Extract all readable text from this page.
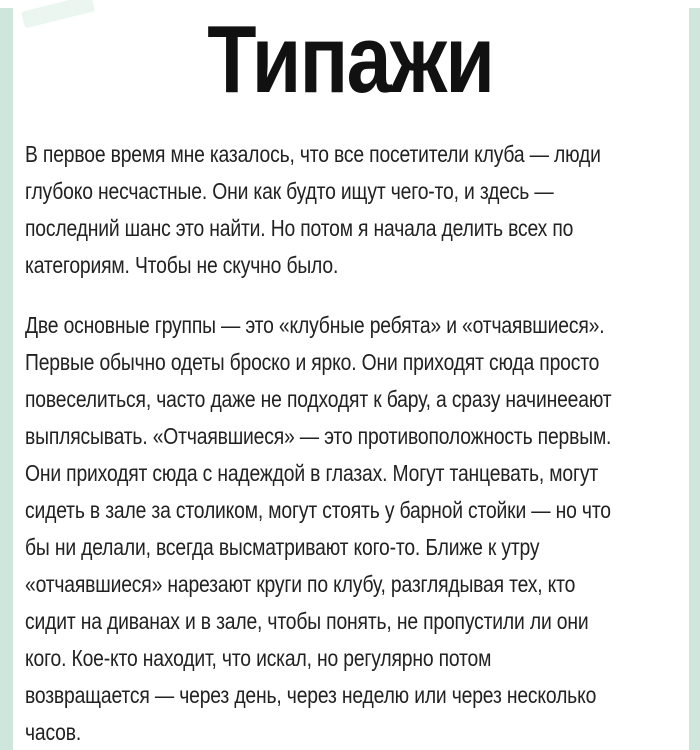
Типажи
В первое время мне казалось, что все посетители клуба — люди
глубоко несчастные. Они как будто ищут чего-то, и здесь —
последний шанс это найти. Но потом я начала делить всех по
категориям. Чтобы не скучно было.
Две основные группы — это «клубные ребята» и «отчаявшиеся».
Первые обычно одеты броско и ярко. Они приходят сюда просто
повеселиться, часто даже не подходят к бару, а сразу начинееают
выплясывать. «Отчаявшиеся» — это противоположность первым.
Они приходят сюда с надеждой в глазах. Могут танцевать, могут
сидеть в зале за столиком, могут стоять у барной стойки — но что
бы ни делали, всегда высматривают кого-то. Ближе к утру
«отчаявшиеся» нарезают круги по клубу, разглядывая тех, кто
сидит на диванах и в зале, чтобы понять, не пропустили ли они
кого. Кое-кто находит, что искал, но регулярно потом
возвращается — через день, через неделю или через несколько
часов.
